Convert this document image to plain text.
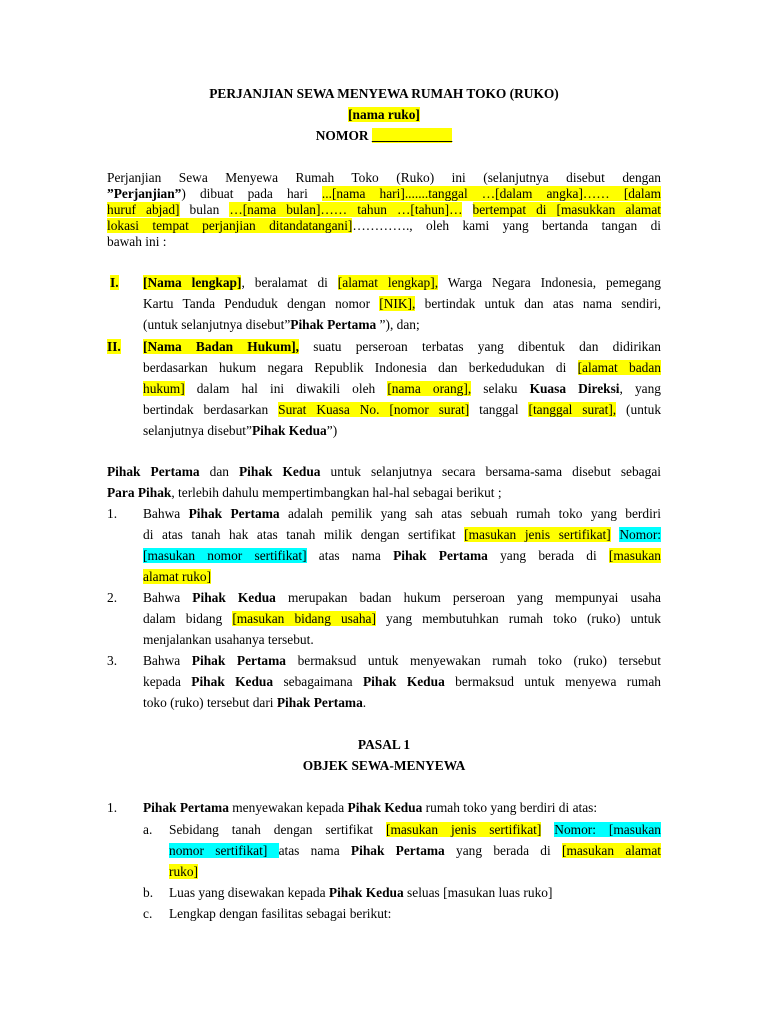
PERJANJIAN SEWA MENYEWA RUMAH TOKO (RUKO)
[nama ruko]
NOMOR ____________
Perjanjian Sewa Menyewa Rumah Toko (Ruko) ini (selanjutnya disebut dengan
”Perjanjian”) dibuat pada hari ...[nama hari].......tanggal …[dalam angka]…… [dalam
huruf abjad] bulan …[nama bulan]…… tahun …[tahun]… bertempat di [masukkan alamat
lokasi tempat perjanjian ditandatangani]…………., oleh kami yang bertanda tangan di
bawah ini :
I. [Nama lengkap], beralamat di [alamat lengkap], Warga Negara Indonesia, pemegang
Kartu Tanda Penduduk dengan nomor [NIK], bertindak untuk dan atas nama sendiri,
(untuk selanjutnya disebut”Pihak Pertama ”), dan;
II. [Nama Badan Hukum], suatu perseroan terbatas yang dibentuk dan didirikan
berdasarkan hukum negara Republik Indonesia dan berkedudukan di [alamat badan
hukum] dalam hal ini diwakili oleh [nama orang], selaku Kuasa Direksi, yang
bertindak berdasarkan Surat Kuasa No. [nomor surat] tanggal [tanggal surat], (untuk
selanjutnya disebut”Pihak Kedua”)
Pihak Pertama dan Pihak Kedua untuk selanjutnya secara bersama-sama disebut sebagai
Para Pihak, terlebih dahulu mempertimbangkan hal-hal sebagai berikut ;
1. Bahwa Pihak Pertama adalah pemilik yang sah atas sebuah rumah toko yang berdiri
di atas tanah hak atas tanah milik dengan sertifikat [masukan jenis sertifikat] Nomor:
[masukan nomor sertifikat] atas nama Pihak Pertama yang berada di [masukan
alamat ruko]
2. Bahwa Pihak Kedua merupakan badan hukum perseroan yang mempunyai usaha
dalam bidang [masukan bidang usaha] yang membutuhkan rumah toko (ruko) untuk
menjalankan usahanya tersebut.
3. Bahwa Pihak Pertama bermaksud untuk menyewakan rumah toko (ruko) tersebut
kepada Pihak Kedua sebagaimana Pihak Kedua bermaksud untuk menyewa rumah
toko (ruko) tersebut dari Pihak Pertama.
PASAL 1
OBJEK SEWA-MENYEWA
1. Pihak Pertama menyewakan kepada Pihak Kedua rumah toko yang berdiri di atas:
a. Sebidang tanah dengan sertifikat [masukan jenis sertifikat] Nomor: [masukan
nomor sertifikat] atas nama Pihak Pertama yang berada di [masukan alamat
ruko]
b. Luas yang disewakan kepada Pihak Kedua seluas [masukan luas ruko]
c. Lengkap dengan fasilitas sebagai berikut:
